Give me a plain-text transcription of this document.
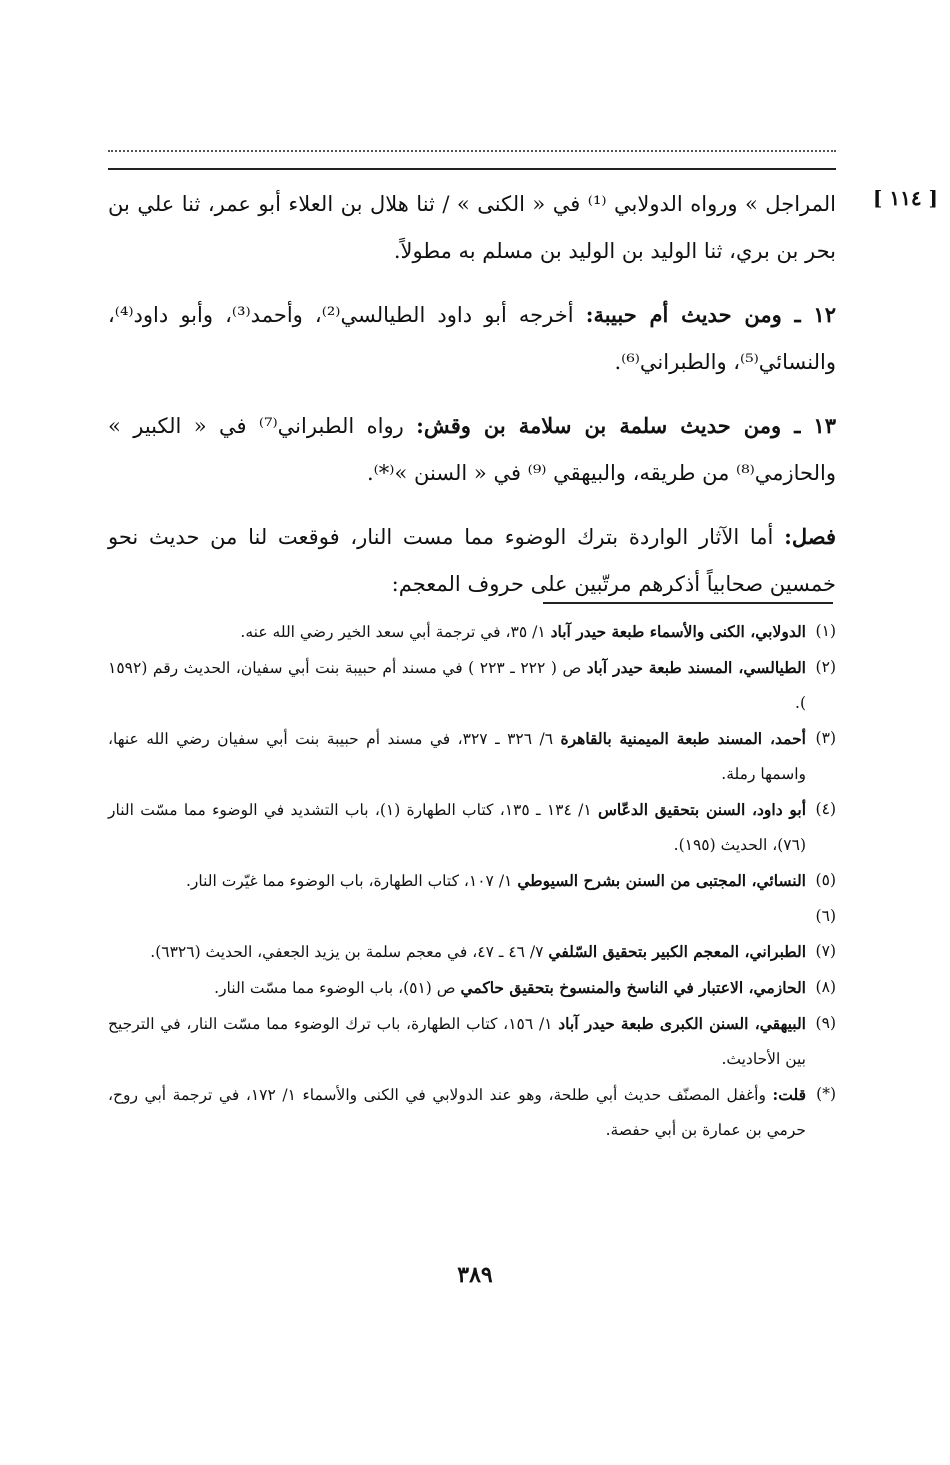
[ ١١٤ ]

المراجل » ورواه الدولابي ⁽¹⁾ في « الكنى » / ثنا هلال بن العلاء أبو عمر، ثنا علي بن بحر بن بري، ثنا الوليد بن الوليد بن مسلم به مطولاً.

١٢ ـ ومن حديث أم حبيبة: أخرجه أبو داود الطيالسي⁽²⁾، وأحمد⁽³⁾، وأبو داود⁽⁴⁾، والنسائي⁽⁵⁾، والطبراني⁽⁶⁾.

١٣ ـ ومن حديث سلمة بن سلامة بن وقش: رواه الطبراني⁽⁷⁾ في « الكبير » والحازمي⁽⁸⁾ من طريقه، والبيهقي ⁽⁹⁾ في « السنن »⁽*⁾.

فصل: أما الآثار الواردة بترك الوضوء مما مست النار، فوقعت لنا من حديث نحو خمسين صحابياً أذكرهم مرتّبين على حروف المعجم:

(١)
الدولابي، الكنى والأسماء طبعة حيدر آباد ١/ ٣٥، في ترجمة أبي سعد الخير رضي الله عنه.

(٢)
الطيالسي، المسند طبعة حيدر آباد ص ( ٢٢٢ ـ ٢٢٣ ) في مسند أم حبيبة بنت أبي سفيان، الحديث رقم (١٥٩٢ ).

(٣)
أحمد، المسند طبعة الميمنية بالقاهرة ٦/ ٣٢٦ ـ ٣٢٧، في مسند أم حبيبة بنت أبي سفيان رضي الله عنها، واسمها رملة.

(٤)
أبو داود، السنن بتحقيق الدعّاس ١/ ١٣٤ ـ ١٣٥، كتاب الطهارة (١)، باب التشديد في الوضوء مما مسّت النار (٧٦)، الحديث (١٩٥).

(٥)
النسائي، المجتبى من السنن بشرح السيوطي ١/ ١٠٧، كتاب الطهارة، باب الوضوء مما غيّرت النار.

(٦)

(٧)
الطبراني، المعجم الكبير بتحقيق السّلفي ٧/ ٤٦ ـ ٤٧، في معجم سلمة بن يزيد الجعفي، الحديث (٦٣٢٦).

(٨)
الحازمي، الاعتبار في الناسخ والمنسوخ بتحقيق حاكمي ص (٥١)، باب الوضوء مما مسّت النار.

(٩)
البيهقي، السنن الكبرى طبعة حيدر آباد ١/ ١٥٦، كتاب الطهارة، باب ترك الوضوء مما مسّت النار، في الترجيح بين الأحاديث.

(*)
قلت: وأغفل المصنّف حديث أبي طلحة، وهو عند الدولابي في الكنى والأسماء ١/ ١٧٢، في ترجمة أبي روح، حرمي بن عمارة بن أبي حفصة.

٣٨٩
